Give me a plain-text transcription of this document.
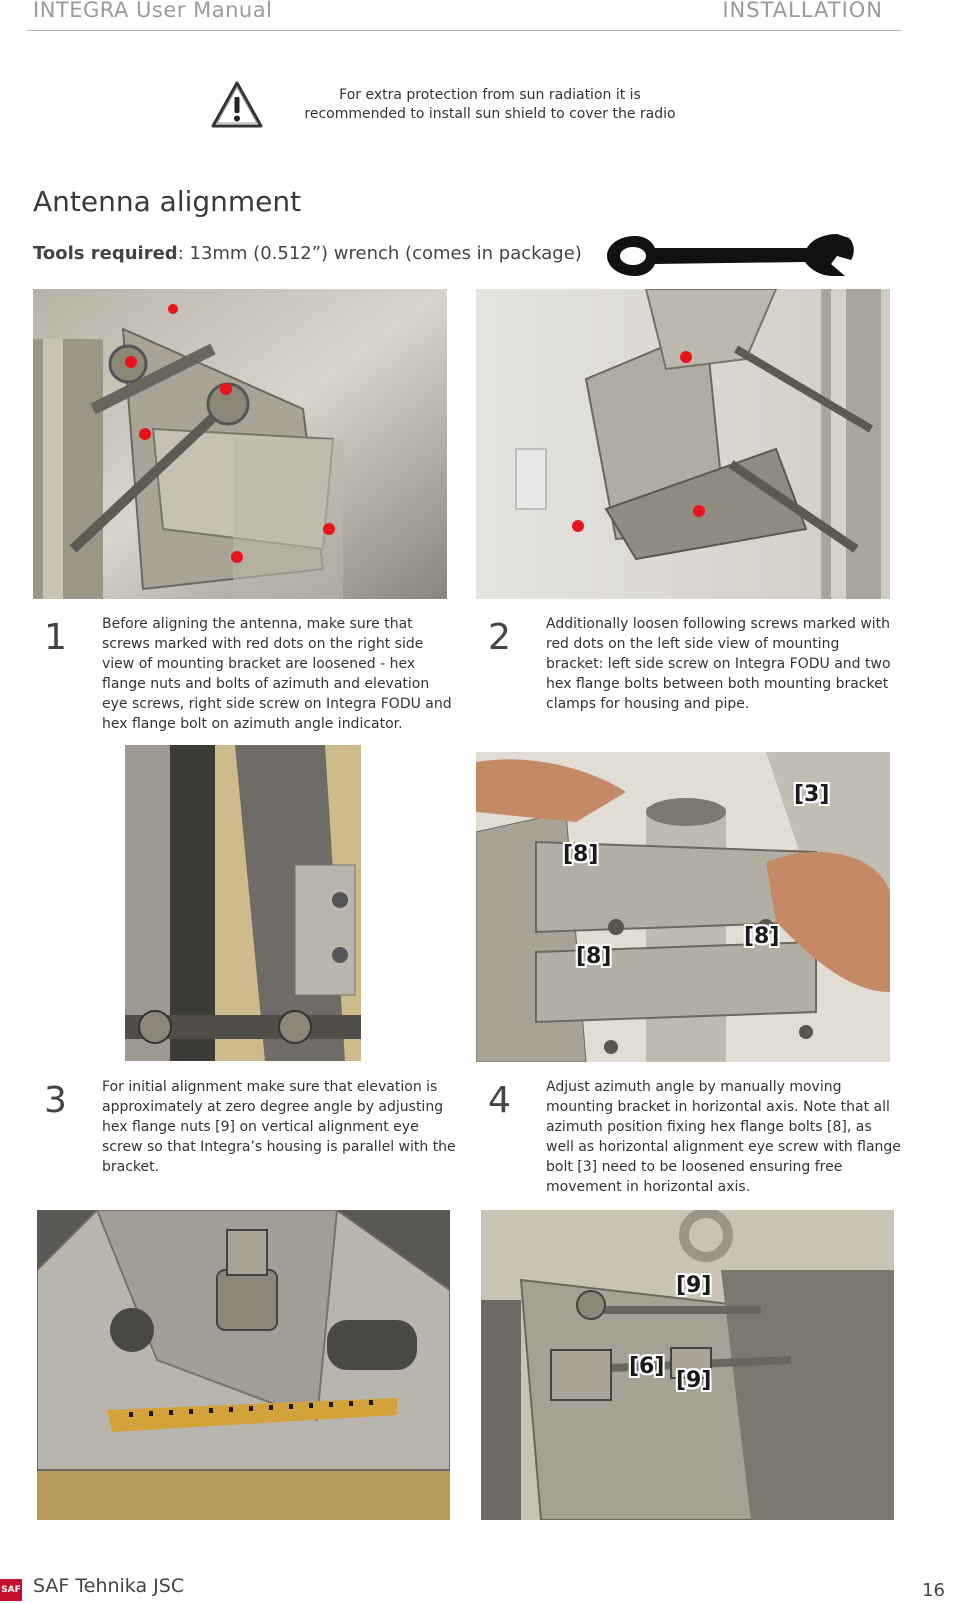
INTEGRA User Manual	INSTALLATION
For extra protection from sun radiation it is
recommended to install sun shield to cover the radio
Antenna alignment
Tools required: 13mm (0.512”) wrench (comes in package)
1	Before aligning the antenna, make sure that screws marked with red dots on the right side view of mounting bracket are loosened - hex flange nuts and bolts of azimuth and elevation eye screws, right side screw on Integra FODU and hex flange bolt on azimuth angle indicator.
2	Additionally loosen following screws marked with red dots on the left side view of mounting bracket: left side screw on Integra FODU and two hex flange bolts between both mounting bracket clamps for housing and pipe.
[3]
[8]
[8]
[8]
3	For initial alignment make sure that elevation is approximately at zero degree angle by adjusting hex flange nuts [9] on vertical alignment eye screw so that Integra’s housing is parallel with the bracket.
4	Adjust azimuth angle by manually moving mounting bracket in horizontal axis. Note that all azimuth position fixing hex flange bolts [8], as well as horizontal alignment eye screw with flange bolt [3] need to be loosened ensuring free movement in horizontal axis.
[9]
[6]
[9]
SAF SAF Tehnika JSC	16
